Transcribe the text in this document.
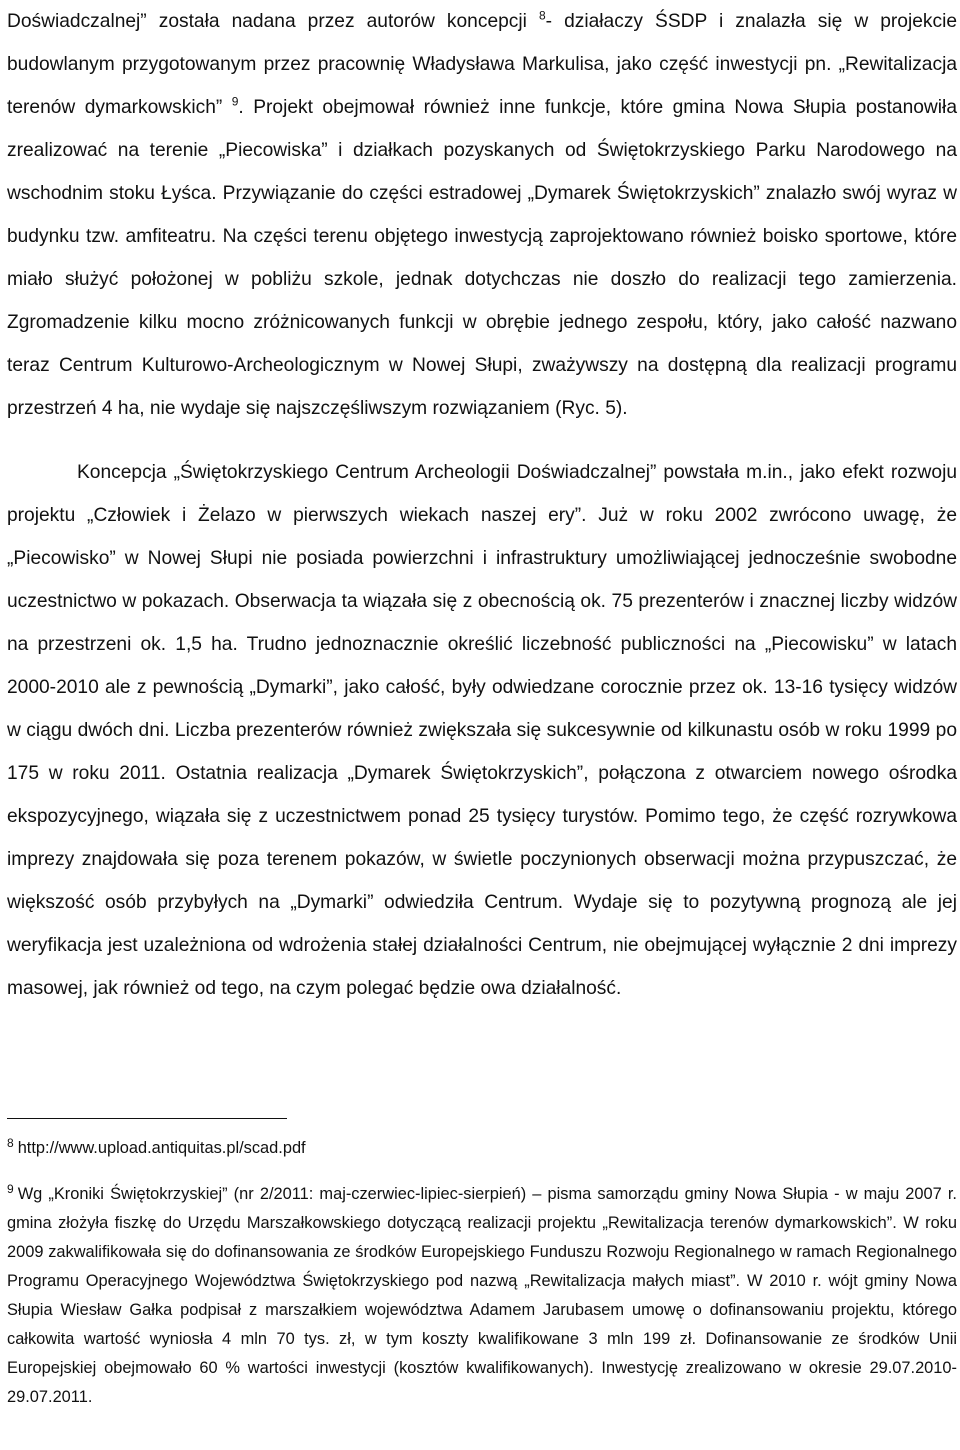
Doświadczalnej” została nadana przez autorów koncepcji $^8$- działaczy ŚSDP i znalazła się w projekcie budowlanym przygotowanym przez pracownię Władysława Markulisa, jako część inwestycji pn. „Rewitalizacja terenów dymarkowskich” $^9$. Projekt obejmował również inne funkcje, które gmina Nowa Słupia postanowiła zrealizować na terenie „Piecowiska” i działkach pozyskanych od Świętokrzyskiego Parku Narodowego na wschodnim stoku Łyśca. Przywiązanie do części estradowej „Dymarek Świętokrzyskich” znalazło swój wyraz w budynku tzw. amfiteatru. Na części terenu objętego inwestycją zaprojektowano również boisko sportowe, które miało służyć położonej w pobliżu szkole, jednak dotychczas nie doszło do realizacji tego zamierzenia. Zgromadzenie kilku mocno zróżnicowanych funkcji w obrębie jednego zespołu, który, jako całość nazwano teraz Centrum Kulturowo-Archeologicznym w Nowej Słupi, zważywszy na dostępną dla realizacji programu przestrzeń 4 ha, nie wydaje się najszczęśliwszym rozwiązaniem (Ryc. 5).

Koncepcja „Świętokrzyskiego Centrum Archeologii Doświadczalnej” powstała m.in., jako efekt rozwoju projektu „Człowiek i Żelazo w pierwszych wiekach naszej ery”. Już w roku 2002 zwrócono uwagę, że „Piecowisko” w Nowej Słupi nie posiada powierzchni i infrastruktury umożliwiającej jednocześnie swobodne uczestnictwo w pokazach. Obserwacja ta wiązała się z obecnością ok. 75 prezenterów i znacznej liczby widzów na przestrzeni ok. 1,5 ha. Trudno jednoznacznie określić liczebność publiczności na „Piecowisku” w latach 2000-2010 ale z pewnością „Dymarki”, jako całość, były odwiedzane corocznie przez ok. 13-16 tysięcy widzów w ciągu dwóch dni. Liczba prezenterów również zwiększała się sukcesywnie od kilkunastu osób w roku 1999 po 175 w roku 2011. Ostatnia realizacja „Dymarek Świętokrzyskich”, połączona z otwarciem nowego ośrodka ekspozycyjnego, wiązała się z uczestnictwem ponad 25 tysięcy turystów. Pomimo tego, że część rozrywkowa imprezy znajdowała się poza terenem pokazów, w świetle poczynionych obserwacji można przypuszczać, że większość osób przybyłych na „Dymarki” odwiedziła Centrum. Wydaje się to pozytywną prognozą ale jej weryfikacja jest uzależniona od wdrożenia stałej działalności Centrum, nie obejmującej wyłącznie 2 dni imprezy masowej, jak również od tego, na czym polegać będzie owa działalność.

$^8$ http://www.upload.antiquitas.pl/scad.pdf

$^9$ Wg „Kroniki Świętokrzyskiej” (nr 2/2011: maj-czerwiec-lipiec-sierpień) – pisma samorządu gminy Nowa Słupia - w maju 2007 r. gmina złożyła fiszkę do Urzędu Marszałkowskiego dotyczącą realizacji projektu „Rewitalizacja terenów dymarkowskich”. W roku 2009 zakwalifikowała się do dofinansowania ze środków Europejskiego Funduszu Rozwoju Regionalnego w ramach Regionalnego Programu Operacyjnego Województwa Świętokrzyskiego pod nazwą „Rewitalizacja małych miast”. W 2010 r. wójt gminy Nowa Słupia Wiesław Gałka podpisał z marszałkiem województwa Adamem Jarubasem umowę o dofinansowaniu projektu, którego całkowita wartość wyniosła 4 mln 70 tys. zł, w tym koszty kwalifikowane 3 mln 199 zł. Dofinansowanie ze środków Unii Europejskiej obejmowało 60 % wartości inwestycji (kosztów kwalifikowanych). Inwestycję zrealizowano w okresie 29.07.2010-29.07.2011.
